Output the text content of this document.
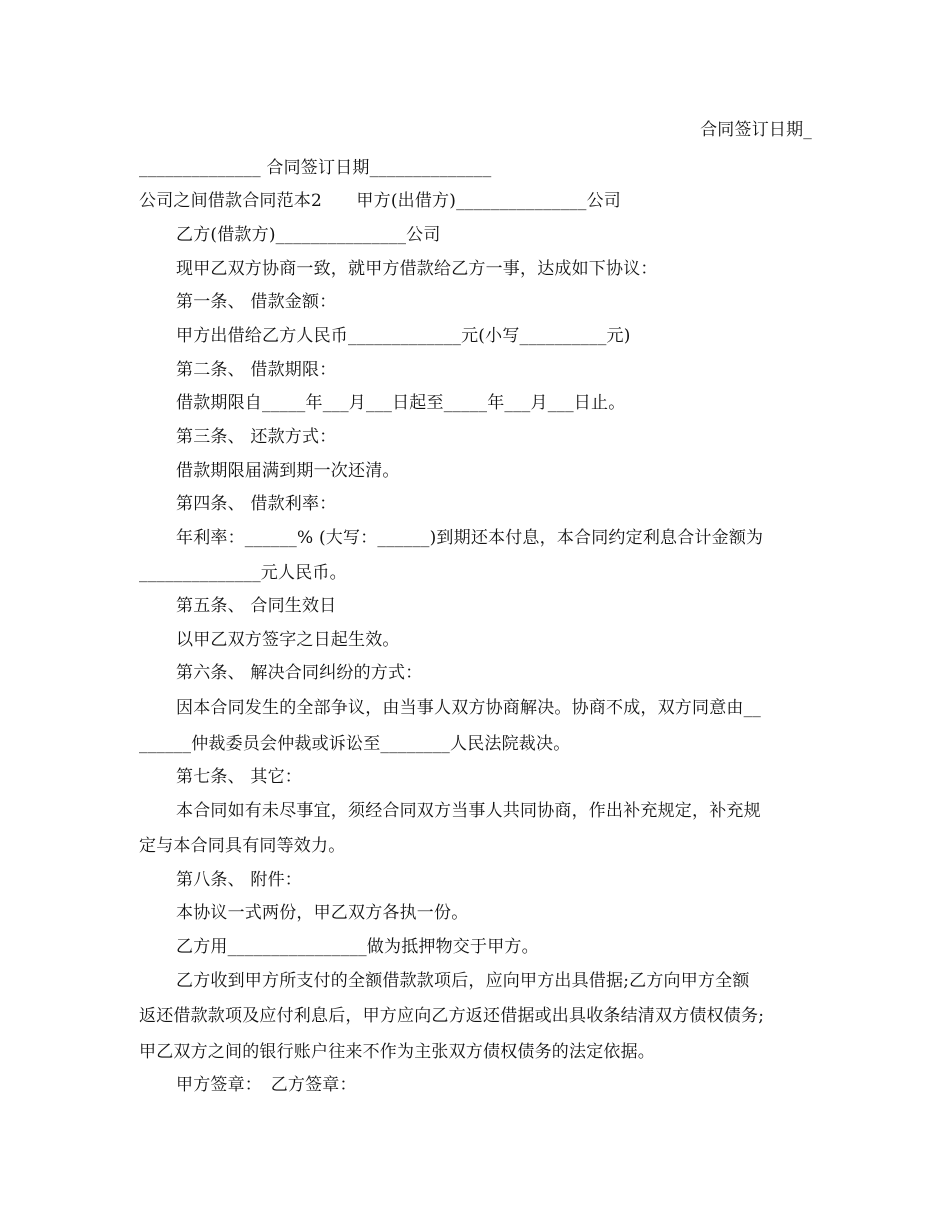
合同签订日期_
______________ 合同签订日期______________
公司之间借款合同范本2　　甲方(出借方)_______________公司
乙方(借款方)_______________公司
现甲乙双方协商一致，就甲方借款给乙方一事，达成如下协议：
第一条、 借款金额：
甲方出借给乙方人民币_____________元(小写__________元)
第二条、 借款期限：
借款期限自_____年___月___日起至_____年___月___日止。
第三条、 还款方式：
借款期限届满到期一次还清。
第四条、 借款利率：
年利率：______% (大写：______)到期还本付息，本合同约定利息合计金额为
______________元人民币。
第五条、 合同生效日
以甲乙双方签字之日起生效。
第六条、 解决合同纠纷的方式：
因本合同发生的全部争议，由当事人双方协商解决。协商不成，双方同意由__
______仲裁委员会仲裁或诉讼至________人民法院裁决。
第七条、 其它：
本合同如有未尽事宜，须经合同双方当事人共同协商，作出补充规定，补充规
定与本合同具有同等效力。
第八条、 附件：
本协议一式两份，甲乙双方各执一份。
乙方用________________做为抵押物交于甲方。
乙方收到甲方所支付的全额借款款项后，应向甲方出具借据;乙方向甲方全额
返还借款款项及应付利息后，甲方应向乙方返还借据或出具收条结清双方债权债务;
甲乙双方之间的银行账户往来不作为主张双方债权债务的法定依据。
甲方签章：　乙方签章：
